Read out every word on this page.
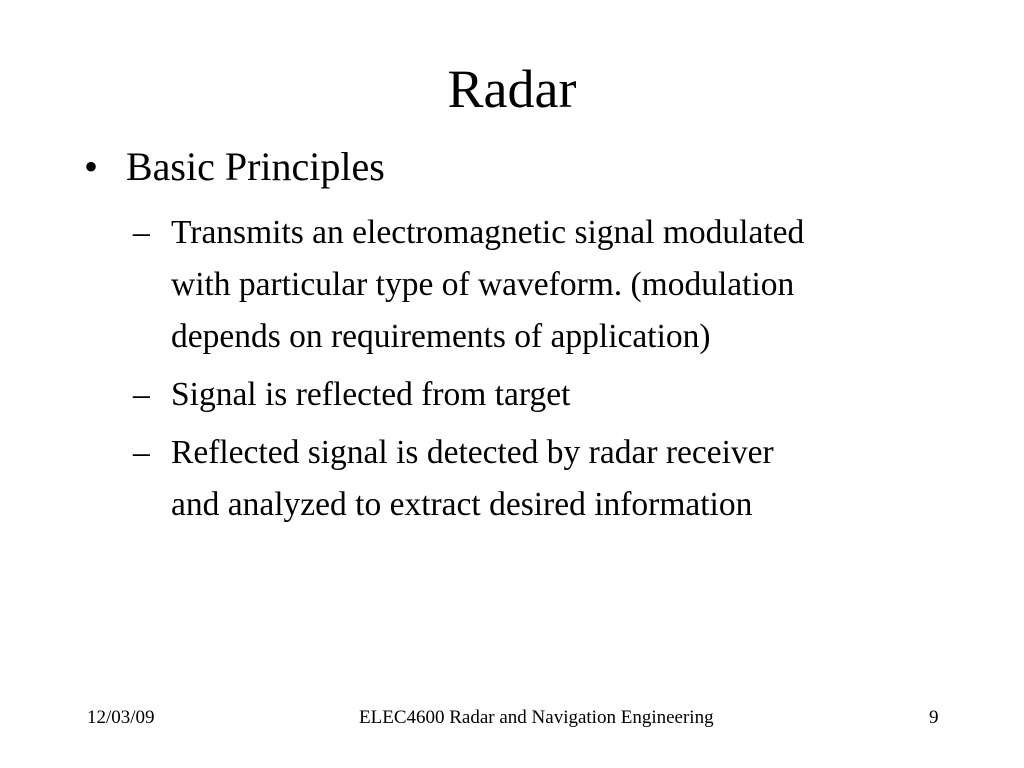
Radar
• Basic Principles
– Transmits an electromagnetic signal modulated
with particular type of waveform. (modulation
depends on requirements of application)
– Signal is reflected from target
– Reflected signal is detected by radar receiver
and analyzed to extract desired information
12/03/09	ELEC4600 Radar and Navigation Engineering	9
